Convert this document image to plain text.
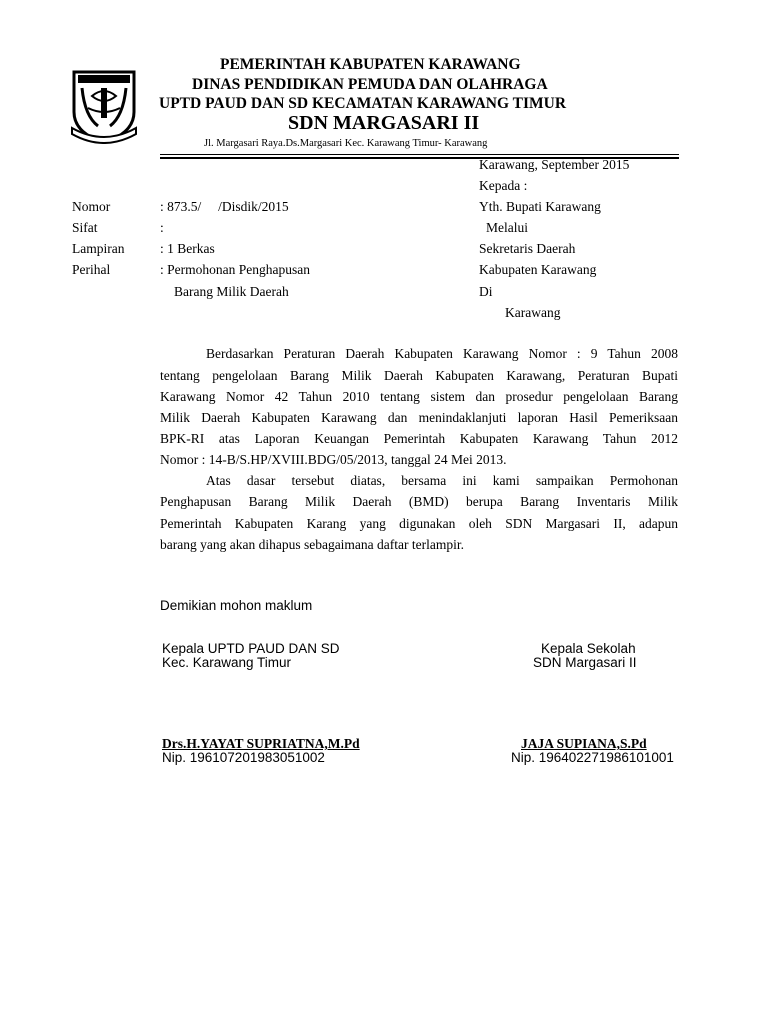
PEMERINTAH KABUPATEN KARAWANG
DINAS PENDIDIKAN PEMUDA DAN OLAHRAGA
UPTD PAUD DAN SD KECAMATAN KARAWANG TIMUR
SDN MARGASARI II
Jl. Margasari Raya.Ds.Margasari Kec. Karawang Timur- Karawang
Karawang, September 2015
Kepada :
Nomor	: 873.5/     /Disdik/2015
Sifat	:
Lampiran	: 1 Berkas
Perihal	: Permohonan Penghapusan
Barang Milik Daerah
Yth. Bupati Karawang
Melalui
Sekretaris Daerah
Kabupaten Karawang
Di
Karawang
Berdasarkan Peraturan Daerah Kabupaten Karawang Nomor : 9 Tahun 2008
tentang pengelolaan Barang Milik Daerah Kabupaten Karawang, Peraturan Bupati
Karawang Nomor 42 Tahun 2010 tentang sistem dan prosedur pengelolaan Barang
Milik Daerah Kabupaten Karawang dan menindaklanjuti laporan Hasil Pemeriksaan
BPK-RI atas Laporan Keuangan Pemerintah Kabupaten Karawang Tahun 2012
Nomor : 14-B/S.HP/XVIII.BDG/05/2013, tanggal 24 Mei 2013.
Atas dasar tersebut diatas, bersama ini kami sampaikan Permohonan
Penghapusan Barang Milik Daerah (BMD) berupa Barang Inventaris Milik
Pemerintah Kabupaten Karang yang digunakan oleh SDN Margasari II, adapun
barang yang akan dihapus sebagaimana daftar terlampir.
Demikian mohon maklum
Kepala UPTD PAUD DAN SD
Kec. Karawang Timur
Kepala Sekolah
SDN Margasari II
Drs.H.YAYAT SUPRIATNA,M.Pd
Nip. 19610720198305100​2
JAJA SUPIANA,S.Pd
Nip. 196402271986101001
